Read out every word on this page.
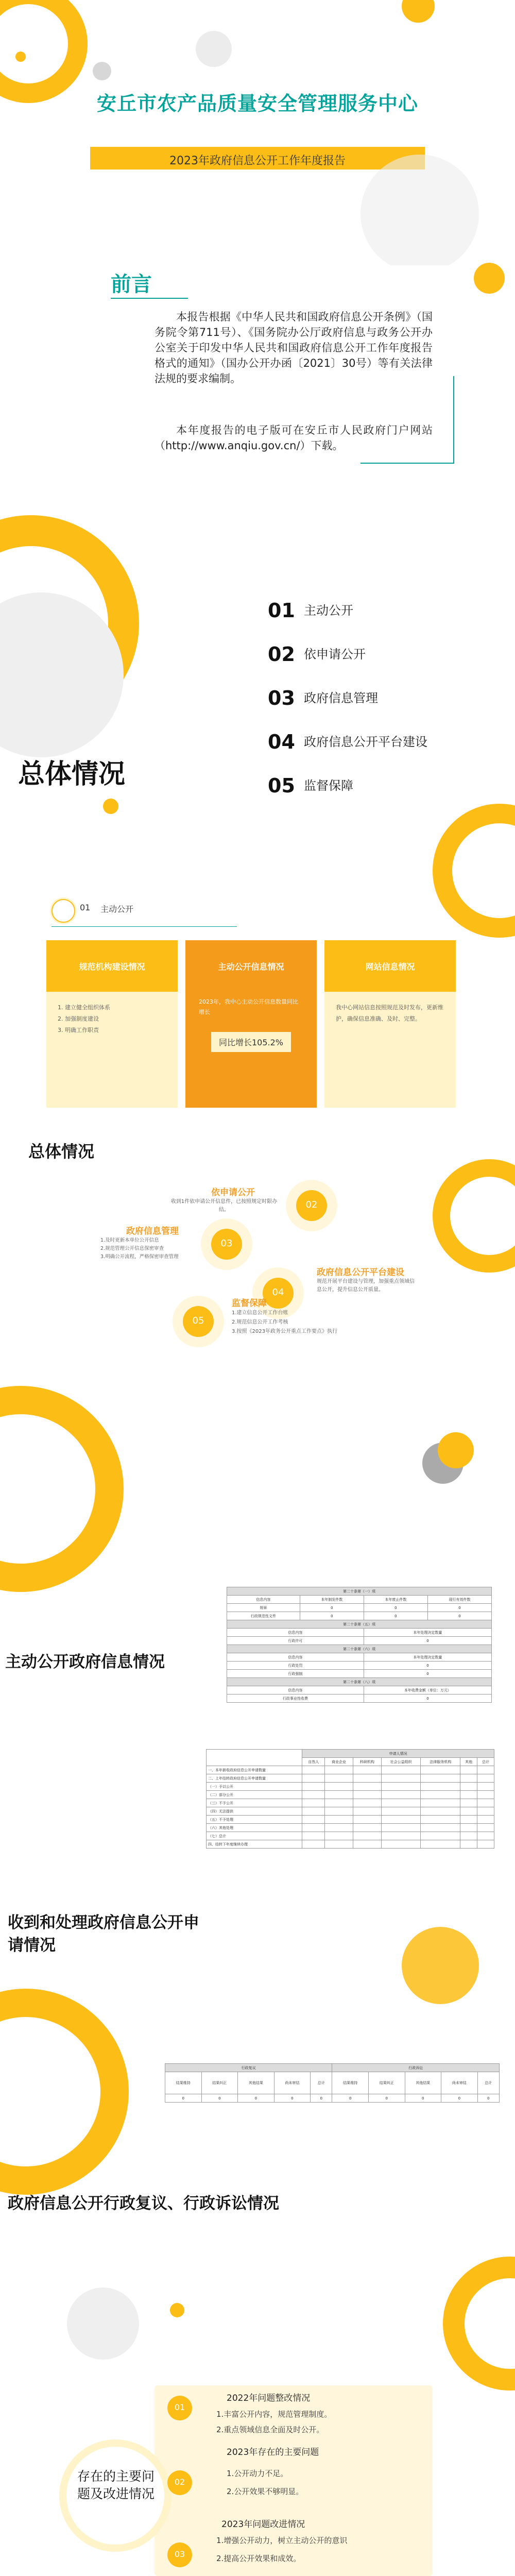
安丘市农产品质量安全管理服务中心
2023年政府信息公开工作年度报告
前言
本报告根据《中华人民共和国政府信息公开条例》（国务院令第711号）、《国务院办公厅政府信息与政务公开办公室关于印发中华人民共和国政府信息公开工作年度报告格式的通知》（国办公开办函〔2021〕30号）等有关法律法规的要求编制。
本年度报告的电子版可在安丘市人民政府门户网站（http://www.anqiu.gov.cn/）下载。
01 主动公开
02 依申请公开
03 政府信息管理
04 政府信息公开平台建设
05 监督保障
总体情况
01 主动公开
规范机构建设情况
1. 建立健全组织体系
2. 加强制度建设
3. 明确工作职责
主动公开信息情况
2023年，我中心主动公开信息数量同比增长
同比增长105.2%
网站信息情况
我中心网站信息按照规范及时发布，更新维护，确保信息准确、及时、完整。
总体情况
02
03
04
05
依申请公开
收到1件依申请公开信息件，已按照规定时限办结。
政府信息管理
1.及时更新本单位公开信息
2.规范管理公开信息保密审查
3.明确公开流程，严格保密审查管理
政府信息公开平台建设
规范开展平台建设与管理，加强重点领域信息公开，提升信息公开质量。
监督保障
1.建立信息公开工作台账
2.规范信息公开工作考核
3.按照《2023年政务公开重点工作要点》执行
主动公开政府信息情况
第二十条第（一）项			
信息内容	本年制发件数	本年废止件数	现行有效件数
规章	0	0	0
行政规范性文件	0	0	0
第二十条第（五）项			
信息内容		本年处理决定数量	
行政许可		0	
第二十条第（六）项			
信息内容		本年处理决定数量	
行政处罚		0	
行政强制		0	
第二十条第（八）项			
信息内容		本年收费金额（单位：万元）	
行政事业性收费		0	
收到和处理政府信息公开申请情况
	申请人情况						
	自然人	商业企业	科研机构	社会公益组织	法律服务机构	其他	总计
一、本年新收政府信息公开申请数量							
二、上年结转政府信息公开申请数量							
（一）予以公开							
（二）部分公开							
（三）不予公开							
（四）无法提供							
（五）不予处理							
（六）其他处理							
（七）总计							
四、结转下年度继续办理							
行政复议					行政诉讼				
结果维持	结果纠正	其他结果	尚未审结	总计	结果维持	结果纠正	其他结果	尚未审结	总计
0	0	0	0	0	0	0	0	0	0
政府信息公开行政复议、行政诉讼情况
存在的主要问题及改进情况
01
02
03
2022年问题整改情况
1.丰富公开内容，规范管理制度。
2.重点领域信息全面及时公开。
2023年存在的主要问题
1.公开动力不足。
2.公开效果不够明显。
2023年问题改进情况
1.增强公开动力，树立主动公开的意识
2.提高公开效果和成效。
